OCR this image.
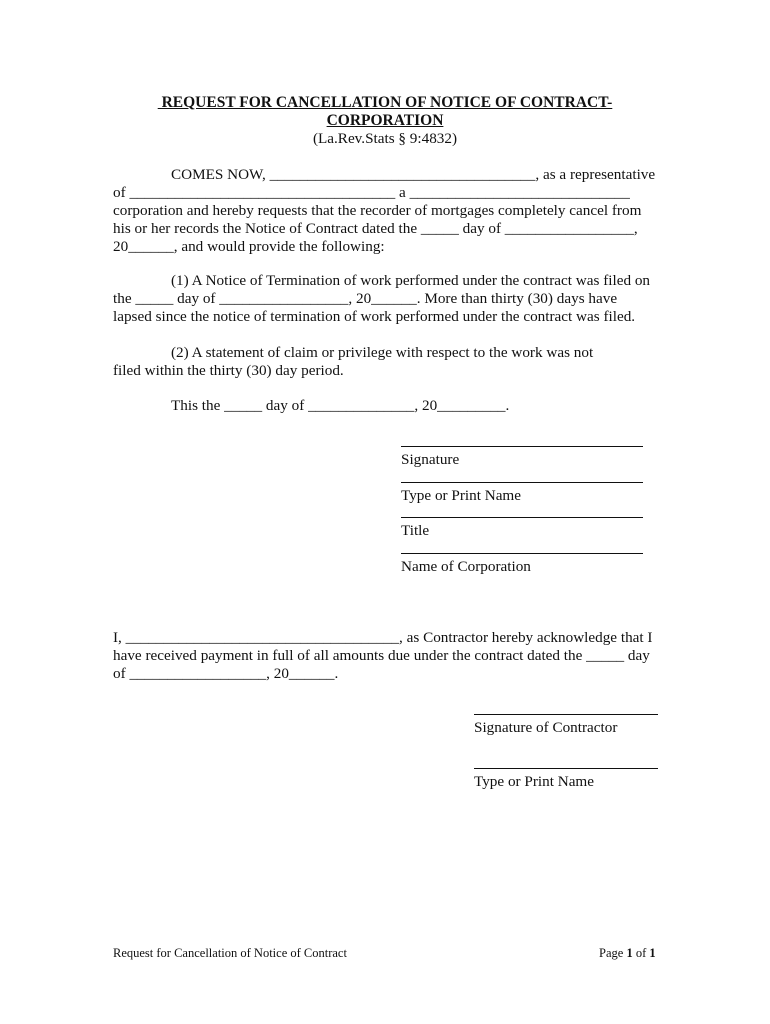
REQUEST FOR CANCELLATION OF NOTICE OF CONTRACT-
CORPORATION
(La.Rev.Stats § 9:4832)
COMES NOW, ___________________________________, as a representative
of ___________________________________ a _____________________________
corporation and hereby requests that the recorder of mortgages completely cancel from
his or her records the Notice of Contract dated the _____ day of _________________,
20______, and would provide the following:
(1) A Notice of Termination of work performed under the contract was filed on
the _____ day of _________________, 20______. More than thirty (30) days have
lapsed since the notice of termination of work performed under the contract was filed.
(2) A statement of claim or privilege with respect to the work was not
filed within the thirty (30) day period.
This the _____ day of ______________, 20_________.
Signature
Type or Print Name
Title
Name of Corporation
I, ____________________________________, as Contractor hereby acknowledge that I
have received payment in full of all amounts due under the contract dated the _____ day
of __________________, 20______.
Signature of Contractor
Type or Print Name
Request for Cancellation of Notice of Contract	Page 1 of 1
